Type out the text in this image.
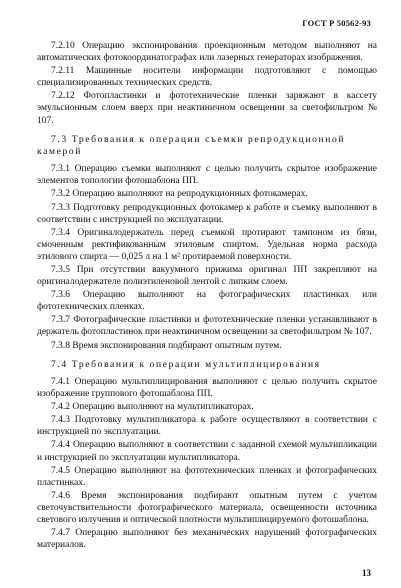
ГОСТ Р 50562-93

7.2.10 Операцию экспонирования проекционным методом выполняют на автоматических фотокоординатографах или лазерных генераторах изображения.

7.2.11 Машинные носители информации подготовляют с помощью специализированных технических средств.

7.2.12 Фотопластинки и фототехнические пленки заряжают в кассету эмульсионным слоем вверх при неактиничном освещении за светофильтром № 107.

7.3 Требования к операции съемки репродукционной камерой

7.3.1 Операцию съемки выполняют с целью получить скрытое изображение элементов топологии фотошаблона ПП.

7.3.2 Операцию выполняют на репродукционных фотокамерах.

7.3.3 Подготовку репродукционных фотокамер к работе и съемку выполняют в соответствии с инструкцией по эксплуатации.

7.3.4 Оригиналодержатель перед съемкой протирают тампоном из бязи, смоченным ректификованным этиловым спиртом. Удельная норма расхода этилового спирта — 0,025 л на 1 м² протираемой поверхности.

7.3.5 При отсутствии вакуумного прижима оригинал ПП закрепляют на оригиналодержателе полиэтиленовой лентой с липким слоем.

7.3.6 Операцию выполняют на фотографических пластинках или фототехнических пленках.

7.3.7 Фотографические пластинки и фототехнические пленки устанавливают в держатель фотопластинок при неактиничном освещении за светофильтром № 107.

7.3.8 Время экспонирования подбирают опытным путем.

7.4 Требования к операции мультиплицирования

7.4.1 Операцию мультиплицирования выполняют с целью получить скрытое изображение группового фотошаблона ПП.

7.4.2 Операцию выполняют на мультипликаторах.

7.4.3 Подготовку мультипликатора к работе осуществляют в соответствии с инструкцией по эксплуатации.

7.4.4 Операцию выполняют в соответствии с заданной схемой мультипликации и инструкцией по эксплуатации мультипликатора.

7.4.5 Операцию выполняют на фототехнических пленках и фотографических пластинках.

7.4.6 Время экспонирования подбирают опытным путем с учетом светочувствительности фотографического материала, освещенности источника светового излучения и оптической плотности мультиплицируемого фотошаблона.

7.4.7 Операцию выполняют без механических нарушений фотографических материалов.

13
